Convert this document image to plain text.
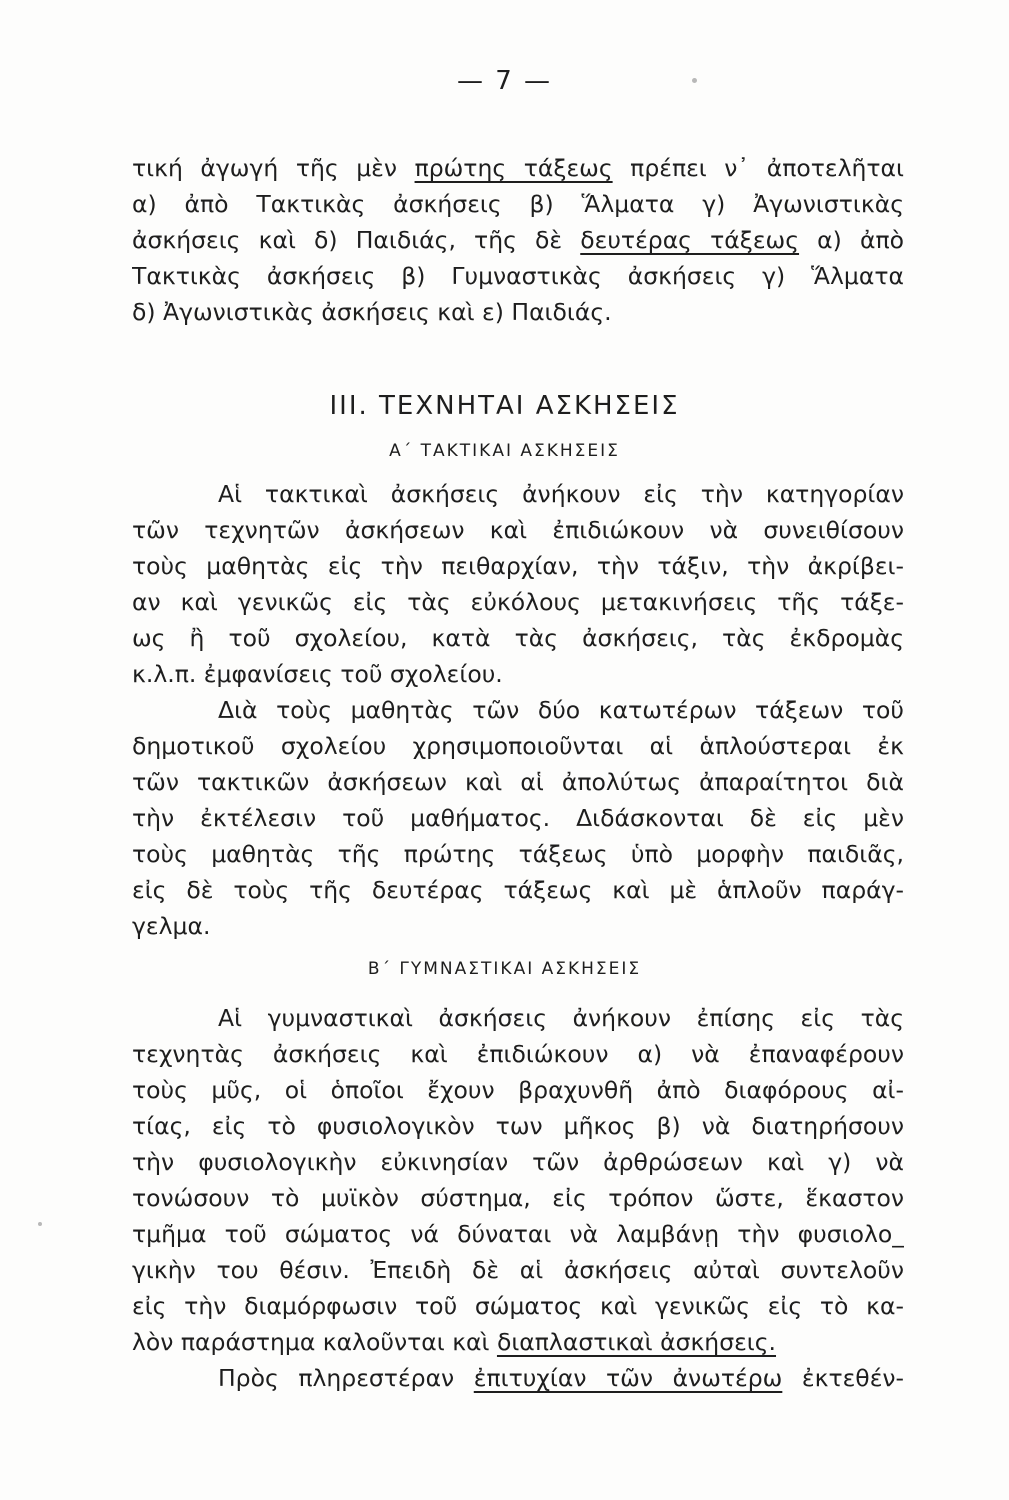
— 7 —
τική ἀγωγή τῆς μὲν πρώτης τάξεως πρέπει ν᾽ ἀποτελῆται
α) ἀπὸ Τακτικὰς ἀσκήσεις β) Ἅλματα γ) Ἀγωνιστικὰς
ἀσκήσεις καὶ δ) Παιδιάς, τῆς δὲ δευτέρας τάξεως α) ἀπὸ
Τακτικὰς ἀσκήσεις β) Γυμναστικὰς ἀσκήσεις γ) Ἅλματα
δ) Ἀγωνιστικὰς ἀσκήσεις καὶ ε) Παιδιάς.
III. ΤΕΧΝΗΤΑΙ ΑΣΚΗΣΕΙΣ
Α΄ ΤΑΚΤΙΚΑΙ ΑΣΚΗΣΕΙΣ
Αἱ τακτικαὶ ἀσκήσεις ἀνήκουν εἰς τὴν κατηγορίαν
τῶν τεχνητῶν ἀσκήσεων καὶ ἐπιδιώκουν νὰ συνειθίσουν
τοὺς μαθητὰς εἰς τὴν πειθαρχίαν, τὴν τάξιν, τὴν ἀκρίβει-
αν καὶ γενικῶς εἰς τὰς εὐκόλους μετακινήσεις τῆς τάξε-
ως ἢ τοῦ σχολείου, κατὰ τὰς ἀσκήσεις, τὰς ἐκδρομὰς
κ.λ.π. ἐμφανίσεις τοῦ σχολείου.
Διὰ τοὺς μαθητὰς τῶν δύο κατωτέρων τάξεων τοῦ
δημοτικοῦ σχολείου χρησιμοποιοῦνται αἱ ἁπλούστεραι ἐκ
τῶν τακτικῶν ἀσκήσεων καὶ αἱ ἀπολύτως ἀπαραίτητοι διὰ
τὴν ἐκτέλεσιν τοῦ μαθήματος. Διδάσκονται δὲ εἰς μὲν
τοὺς μαθητὰς τῆς πρώτης τάξεως ὑπὸ μορφὴν παιδιᾶς,
εἰς δὲ τοὺς τῆς δευτέρας τάξεως καὶ μὲ ἁπλοῦν παράγ-
γελμα.
Β΄ ΓΥΜΝΑΣΤΙΚΑΙ ΑΣΚΗΣΕΙΣ
Αἱ γυμναστικαὶ ἀσκήσεις ἀνήκουν ἐπίσης εἰς τὰς
τεχνητὰς ἀσκήσεις καὶ ἐπιδιώκουν α) νὰ ἐπαναφέρουν
τοὺς μῦς, οἱ ὁποῖοι ἔχουν βραχυνθῆ ἀπὸ διαφόρους αἰ-
τίας, εἰς τὸ φυσιολογικὸν των μῆκος β) νὰ διατηρήσουν
τὴν φυσιολογικὴν εὐκινησίαν τῶν ἀρθρώσεων καὶ γ) νὰ
τονώσουν τὸ μυϊκὸν σύστημα, εἰς τρόπον ὥστε, ἕκαστον
τμῆμα τοῦ σώματος νά δύναται νὰ λαμβάνῃ τὴν φυσιολο_
γικὴν του θέσιν. Ἐπειδὴ δὲ αἱ ἀσκήσεις αὐταὶ συντελοῦν
εἰς τὴν διαμόρφωσιν τοῦ σώματος καὶ γενικῶς εἰς τὸ κα-
λὸν παράστημα καλοῦνται καὶ διαπλαστικαὶ ἀσκήσεις.
Πρὸς πληρεστέραν ἐπιτυχίαν τῶν ἀνωτέρω ἐκτεθέν-
